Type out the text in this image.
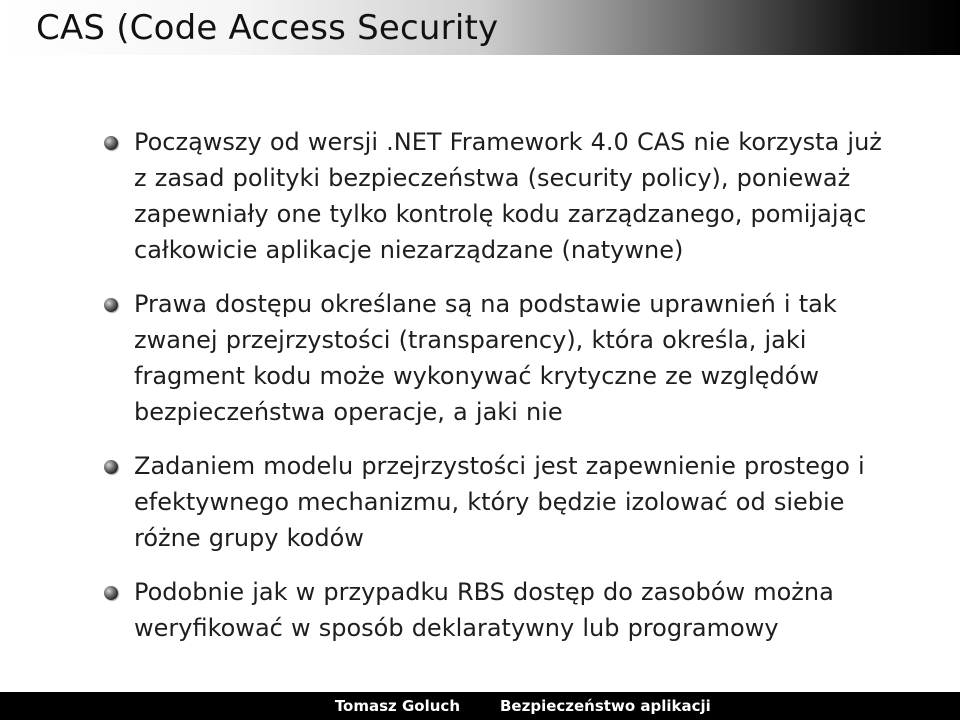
CAS (Code Access Security
Począwszy od wersji .NET Framework 4.0 CAS nie korzysta już z zasad polityki bezpieczeństwa (security policy), ponieważ zapewniały one tylko kontrolę kodu zarządzanego, pomijając całkowicie aplikacje niezarządzane (natywne)
Prawa dostępu określane są na podstawie uprawnień i tak zwanej przejrzystości (transparency), która określa, jaki fragment kodu może wykonywać krytyczne ze względów bezpieczeństwa operacje, a jaki nie
Zadaniem modelu przejrzystości jest zapewnienie prostego i efektywnego mechanizmu, który będzie izolować od siebie różne grupy kodów
Podobnie jak w przypadku RBS dostęp do zasobów można weryfikować w sposób deklaratywny lub programowy
Tomasz Goluch	Bezpieczeństwo aplikacji
